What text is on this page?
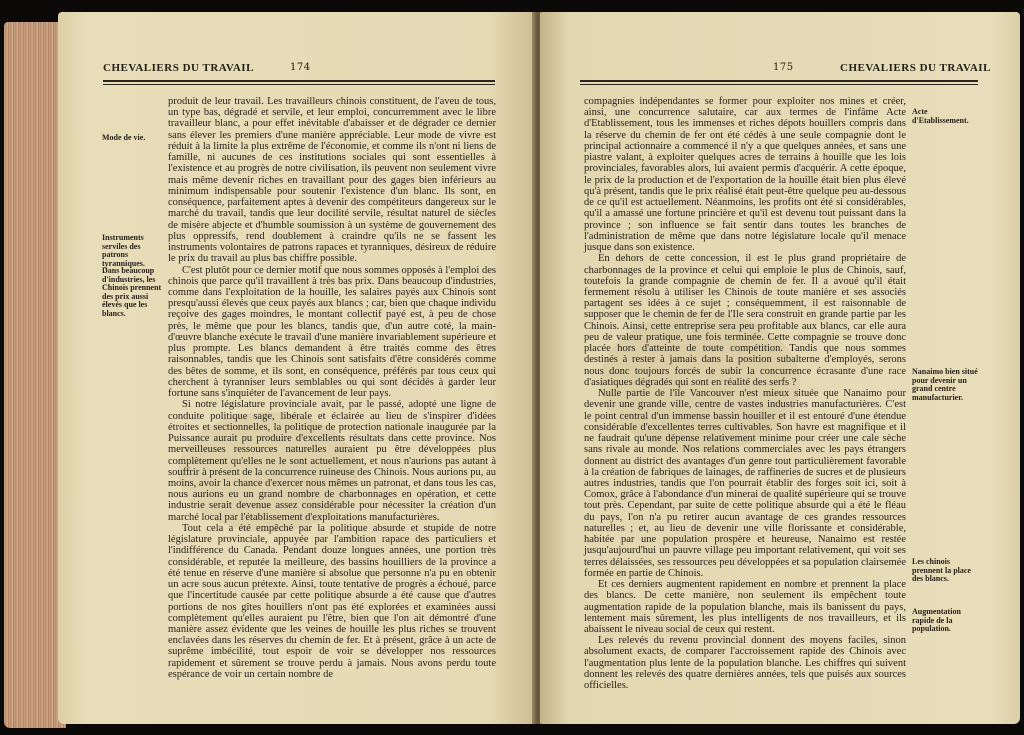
CHEVALIERS DU TRAVAIL	174
Mode de vie.
Instruments serviles des patrons tyranniques.
Dans beaucoup d'industries, les Chinois prennent des prix aussi élevés que les blancs.

produit de leur travail. Les travailleurs chinois constituent, de l'aveu de tous, un type bas, dégradé et servile, et leur emploi, concurremment avec le libre travailleur blanc, a pour effet inévitable d'abaisser et de dégrader ce dernier sans élever les premiers d'une manière appréciable. Leur mode de vivre est réduit à la limite la plus extrême de l'économie, et comme ils n'ont ni liens de famille, ni aucunes de ces institutions sociales qui sont essentielles à l'existence et au progrès de notre civilisation, ils peuvent non seulement vivre mais même devenir riches en travaillant pour des gages bien inférieurs au minimum indispensable pour soutenir l'existence d'un blanc. Ils sont, en conséquence, parfaitement aptes à devenir des compétiteurs dangereux sur le marché du travail, tandis que leur docilité servile, résultat naturel de siècles de misère abjecte et d'humble soumission à un système de gouvernement des plus oppressifs, rend doublement à craindre qu'ils ne se fassent les instruments volontaires de patrons rapaces et tyranniques, désireux de réduire le prix du travail au plus bas chiffre possible.

C'est plutôt pour ce dernier motif que nous sommes opposés à l'emploi des chinois que parce qu'il travaillent à très bas prix. Dans beaucoup d'industries, comme dans l'exploitation de la houille, les salaires payés aux Chinois sont presqu'aussi élevés que ceux payés aux blancs ; car, bien que chaque individu reçoive des gages moindres, le montant collectif payé est, à peu de chose près, le même que pour les blancs, tandis que, d'un autre coté, la main-d'œuvre blanche exécute le travail d'une manière invariablement supérieure et plus prompte. Les blancs demandent à être traités comme des êtres raisonnables, tandis que les Chinois sont satisfaits d'être considérés comme des bêtes de somme, et ils sont, en conséquence, préférés par tous ceux qui cherchent à tyranniser leurs semblables ou qui sont décidés à garder leur fortune sans s'inquiéter de l'avancement de leur pays.

Si notre législature provinciale avait, par le passé, adopté une ligne de conduite politique sage, libérale et éclairée au lieu de s'inspirer d'idées étroites et sectionnelles, la politique de protection nationale inaugurée par la Puissance aurait pu produire d'excellents résultats dans cette province. Nos merveilleuses ressources naturelles auraient pu être développées plus complètement qu'elles ne le sont actuellement, et nous n'aurions pas autant à souffrir à présent de la concurrence ruineuse des Chinois. Nous aurions pu, au moins, avoir la chance d'exercer nous mêmes un patronat, et dans tous les cas, nous aurions eu un grand nombre de charbonnages en opération, et cette industrie serait devenue assez considérable pour nécessiter la création d'un marché local par l'établissement d'exploitations manufacturières.

Tout cela a été empêché par la politique absurde et stupide de notre législature provinciale, appuyée par l'ambition rapace des particuliers et l'indifférence du Canada. Pendant douze longues années, une portion très considérable, et reputée la meilleure, des bassins houilliers de la province a été tenue en réserve d'une manière si absolue que personne n'a pu en obtenir un acre sous aucun prétexte. Ainsi, toute tentative de progrès a échoué, parce que l'incertitude causée par cette politique absurde a été cause que d'autres portions de nos gîtes houillers n'ont pas été explorées et examinées aussi complètement qu'elles auraient pu l'être, bien que l'on ait démontré d'une manière assez évidente que les veines de houille les plus riches se trouvent enclavées dans les réserves du chemin de fer. Et à présent, grâce à un acte de suprême imbécilité, tout espoir de voir se développer nos ressources rapidement et sûrement se trouve perdu à jamais. Nous avons perdu toute espérance de voir un certain nombre de

175	CHEVALIERS DU TRAVAIL

compagnies indépendantes se former pour exploiter nos mines et créer, ainsi, une concurrence salutaire, car aux termes de l'infâme Acte d'Etablissement, tous les immenses et riches dépots houillers compris dans la réserve du chemin de fer ont été cédés à une seule compagnie dont le principal actionnaire a commencé il n'y a que quelques années, et sans une piastre valant, à exploiter quelques acres de terrains à houille que les lois provinciales, favorables alors, lui avaient permis d'acquérir. A cette époque, le prix de la production et de l'exportation de la houille était bien plus élevé qu'à présent, tandis que le prix réalisé était peut-être quelque peu au-dessous de ce qu'il est actuellement. Néanmoins, les profits ont été si considérables, qu'il a amassé une fortune princière et qu'il est devenu tout puissant dans la province ; son influence se fait sentir dans toutes les branches de l'administration de même que dans notre législature locale qu'il menace jusque dans son existence.

En dehors de cette concession, il est le plus grand propriétaire de charbonnages de la province et celui qui emploie le plus de Chinois, sauf, toutefois la grande compagnie de chemin de fer. Il a avoué qu'il était fermement résolu à utiliser les Chinois de toute manière et ses associés partagent ses idées à ce sujet ; conséquemment, il est raisonnable de supposer que le chemin de fer de l'Ile sera construit en grande partie par les Chinois. Ainsi, cette entreprise sera peu profitable aux blancs, car elle aura peu de valeur pratique, une fois terminée. Cette compagnie se trouve donc placée hors d'atteinte de toute compétition. Tandis que nous sommes destinés à rester à jamais dans la position subalterne d'employés, serons nous donc toujours forcés de subir la concurrence écrasante d'une race d'asiatiques dégradés qui sont en réalité des serfs ?

Nulle partie de l'île Vancouver n'est mieux située que Nanaimo pour devenir une grande ville, centre de vastes industries manufacturières. C'est le point central d'un immense bassin houiller et il est entouré d'une étendue considérable d'excellentes terres cultivables. Son havre est magnifique et il ne faudrait qu'une dépense relativement minime pour créer une cale sèche sans rivale au monde. Nos relations commerciales avec les pays étrangers donnent au district des avantages d'un genre tout particulièrement favorable à la création de fabriques de lainages, de raffineries de sucres et de plusieurs autres industries, tandis que l'on pourrait établir des forges soit ici, soit à Comox, grâce à l'abondance d'un minerai de qualité supérieure qui se trouve tout près. Cependant, par suite de cette politique absurde qui a été le fléau du pays, l'on n'a pu retirer aucun avantage de ces grandes ressources naturelles ; et, au lieu de devenir une ville florissante et considérable, habitée par une population prospère et heureuse, Nanaimo est restée jusqu'aujourd'hui un pauvre village peu important relativement, qui voit ses terres délaissées, ses ressources peu développées et sa population clairsemée formée en partie de Chinois.

Et ces derniers augmentent rapidement en nombre et prennent la place des blancs. De cette manière, non seulement ils empêchent toute augmentation rapide de la population blanche, mais ils banissent du pays, lentement mais sûrement, les plus intelligents de nos travailleurs, et ils abaissent le niveau social de ceux qui restent.

Les relevés du revenu provincial donnent des moyens faciles, sinon absolument exacts, de comparer l'accroissement rapide des Chinois avec l'augmentation plus lente de la population blanche. Les chiffres qui suivent donnent les relevés des quatre dernières années, tels que puisés aux sources officielles.

Acte d'Etablissement.
Nanaimo bien situé pour devenir un grand centre manufacturier.
Les chinois prennent la place des blancs.
Augmentation rapide de la population.
